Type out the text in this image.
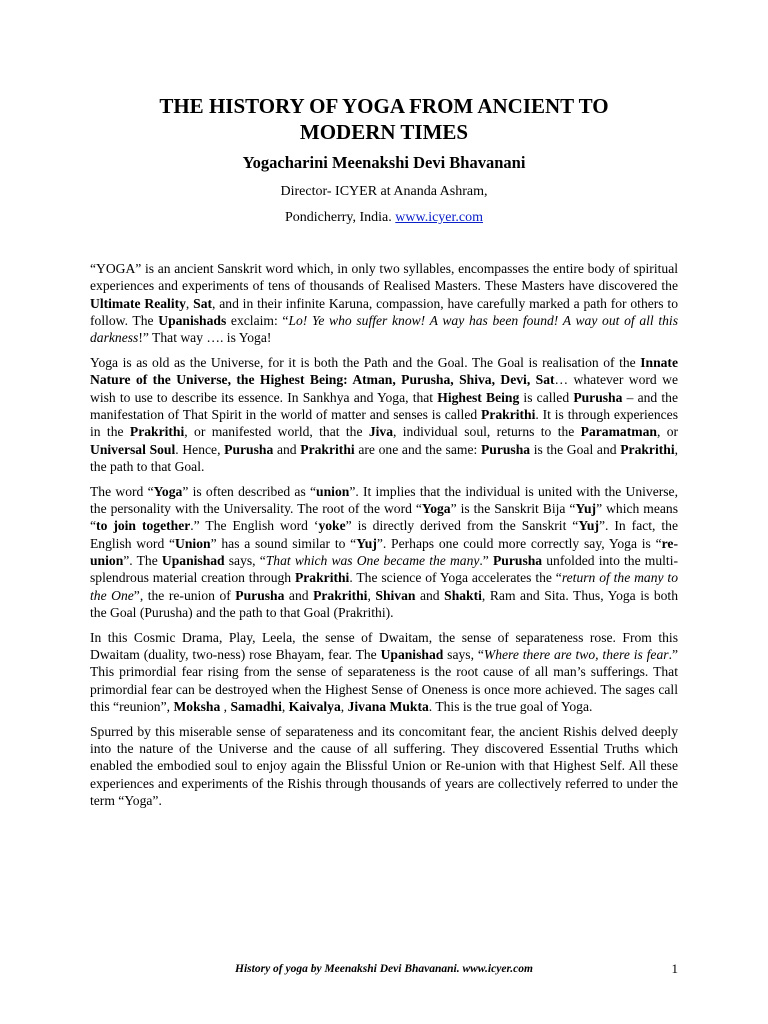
THE HISTORY OF YOGA FROM ANCIENT TO
MODERN TIMES
Yogacharini Meenakshi Devi Bhavanani
Director- ICYER at Ananda Ashram,
Pondicherry, India. www.icyer.com

“YOGA” is an ancient Sanskrit word which, in only two syllables, encompasses the entire body of spiritual experiences and experiments of tens of thousands of Realised Masters. These Masters have discovered the Ultimate Reality, Sat, and in their infinite Karuna, compassion, have carefully marked a path for others to follow. The Upanishads exclaim: “Lo! Ye who suffer know! A way has been found! A way out of all this darkness!” That way …. is Yoga!

Yoga is as old as the Universe, for it is both the Path and the Goal. The Goal is realisation of the Innate Nature of the Universe, the Highest Being: Atman, Purusha, Shiva, Devi, Sat… whatever word we wish to use to describe its essence. In Sankhya and Yoga, that Highest Being is called Purusha – and the manifestation of That Spirit in the world of matter and senses is called Prakrithi. It is through experiences in the Prakrithi, or manifested world, that the Jiva, individual soul, returns to the Paramatman, or Universal Soul. Hence, Purusha and Prakrithi are one and the same: Purusha is the Goal and Prakrithi, the path to that Goal.

The word “Yoga” is often described as “union”. It implies that the individual is united with the Universe, the personality with the Universality. The root of the word “Yoga” is the Sanskrit Bija “Yuj” which means “to join together.” The English word ‘yoke” is directly derived from the Sanskrit “Yuj”. In fact, the English word “Union” has a sound similar to “Yuj”. Perhaps one could more correctly say, Yoga is “re-union”. The Upanishad says, “That which was One became the many.” Purusha unfolded into the multi-splendrous material creation through Prakrithi. The science of Yoga accelerates the “return of the many to the One”, the re-union of Purusha and Prakrithi, Shivan and Shakti, Ram and Sita. Thus, Yoga is both the Goal (Purusha) and the path to that Goal (Prakrithi).

In this Cosmic Drama, Play, Leela, the sense of Dwaitam, the sense of separateness rose. From this Dwaitam (duality, two-ness) rose Bhayam, fear. The Upanishad says, “Where there are two, there is fear.” This primordial fear rising from the sense of separateness is the root cause of all man’s sufferings. That primordial fear can be destroyed when the Highest Sense of Oneness is once more achieved. The sages call this “reunion”, Moksha , Samadhi, Kaivalya, Jivana Mukta. This is the true goal of Yoga.

Spurred by this miserable sense of separateness and its concomitant fear, the ancient Rishis delved deeply into the nature of the Universe and the cause of all suffering. They discovered Essential Truths which enabled the embodied soul to enjoy again the Blissful Union or Re-union with that Highest Self. All these experiences and experiments of the Rishis through thousands of years are collectively referred to under the term “Yoga”.

History of yoga by Meenakshi Devi Bhavanani. www.icyer.com	1
